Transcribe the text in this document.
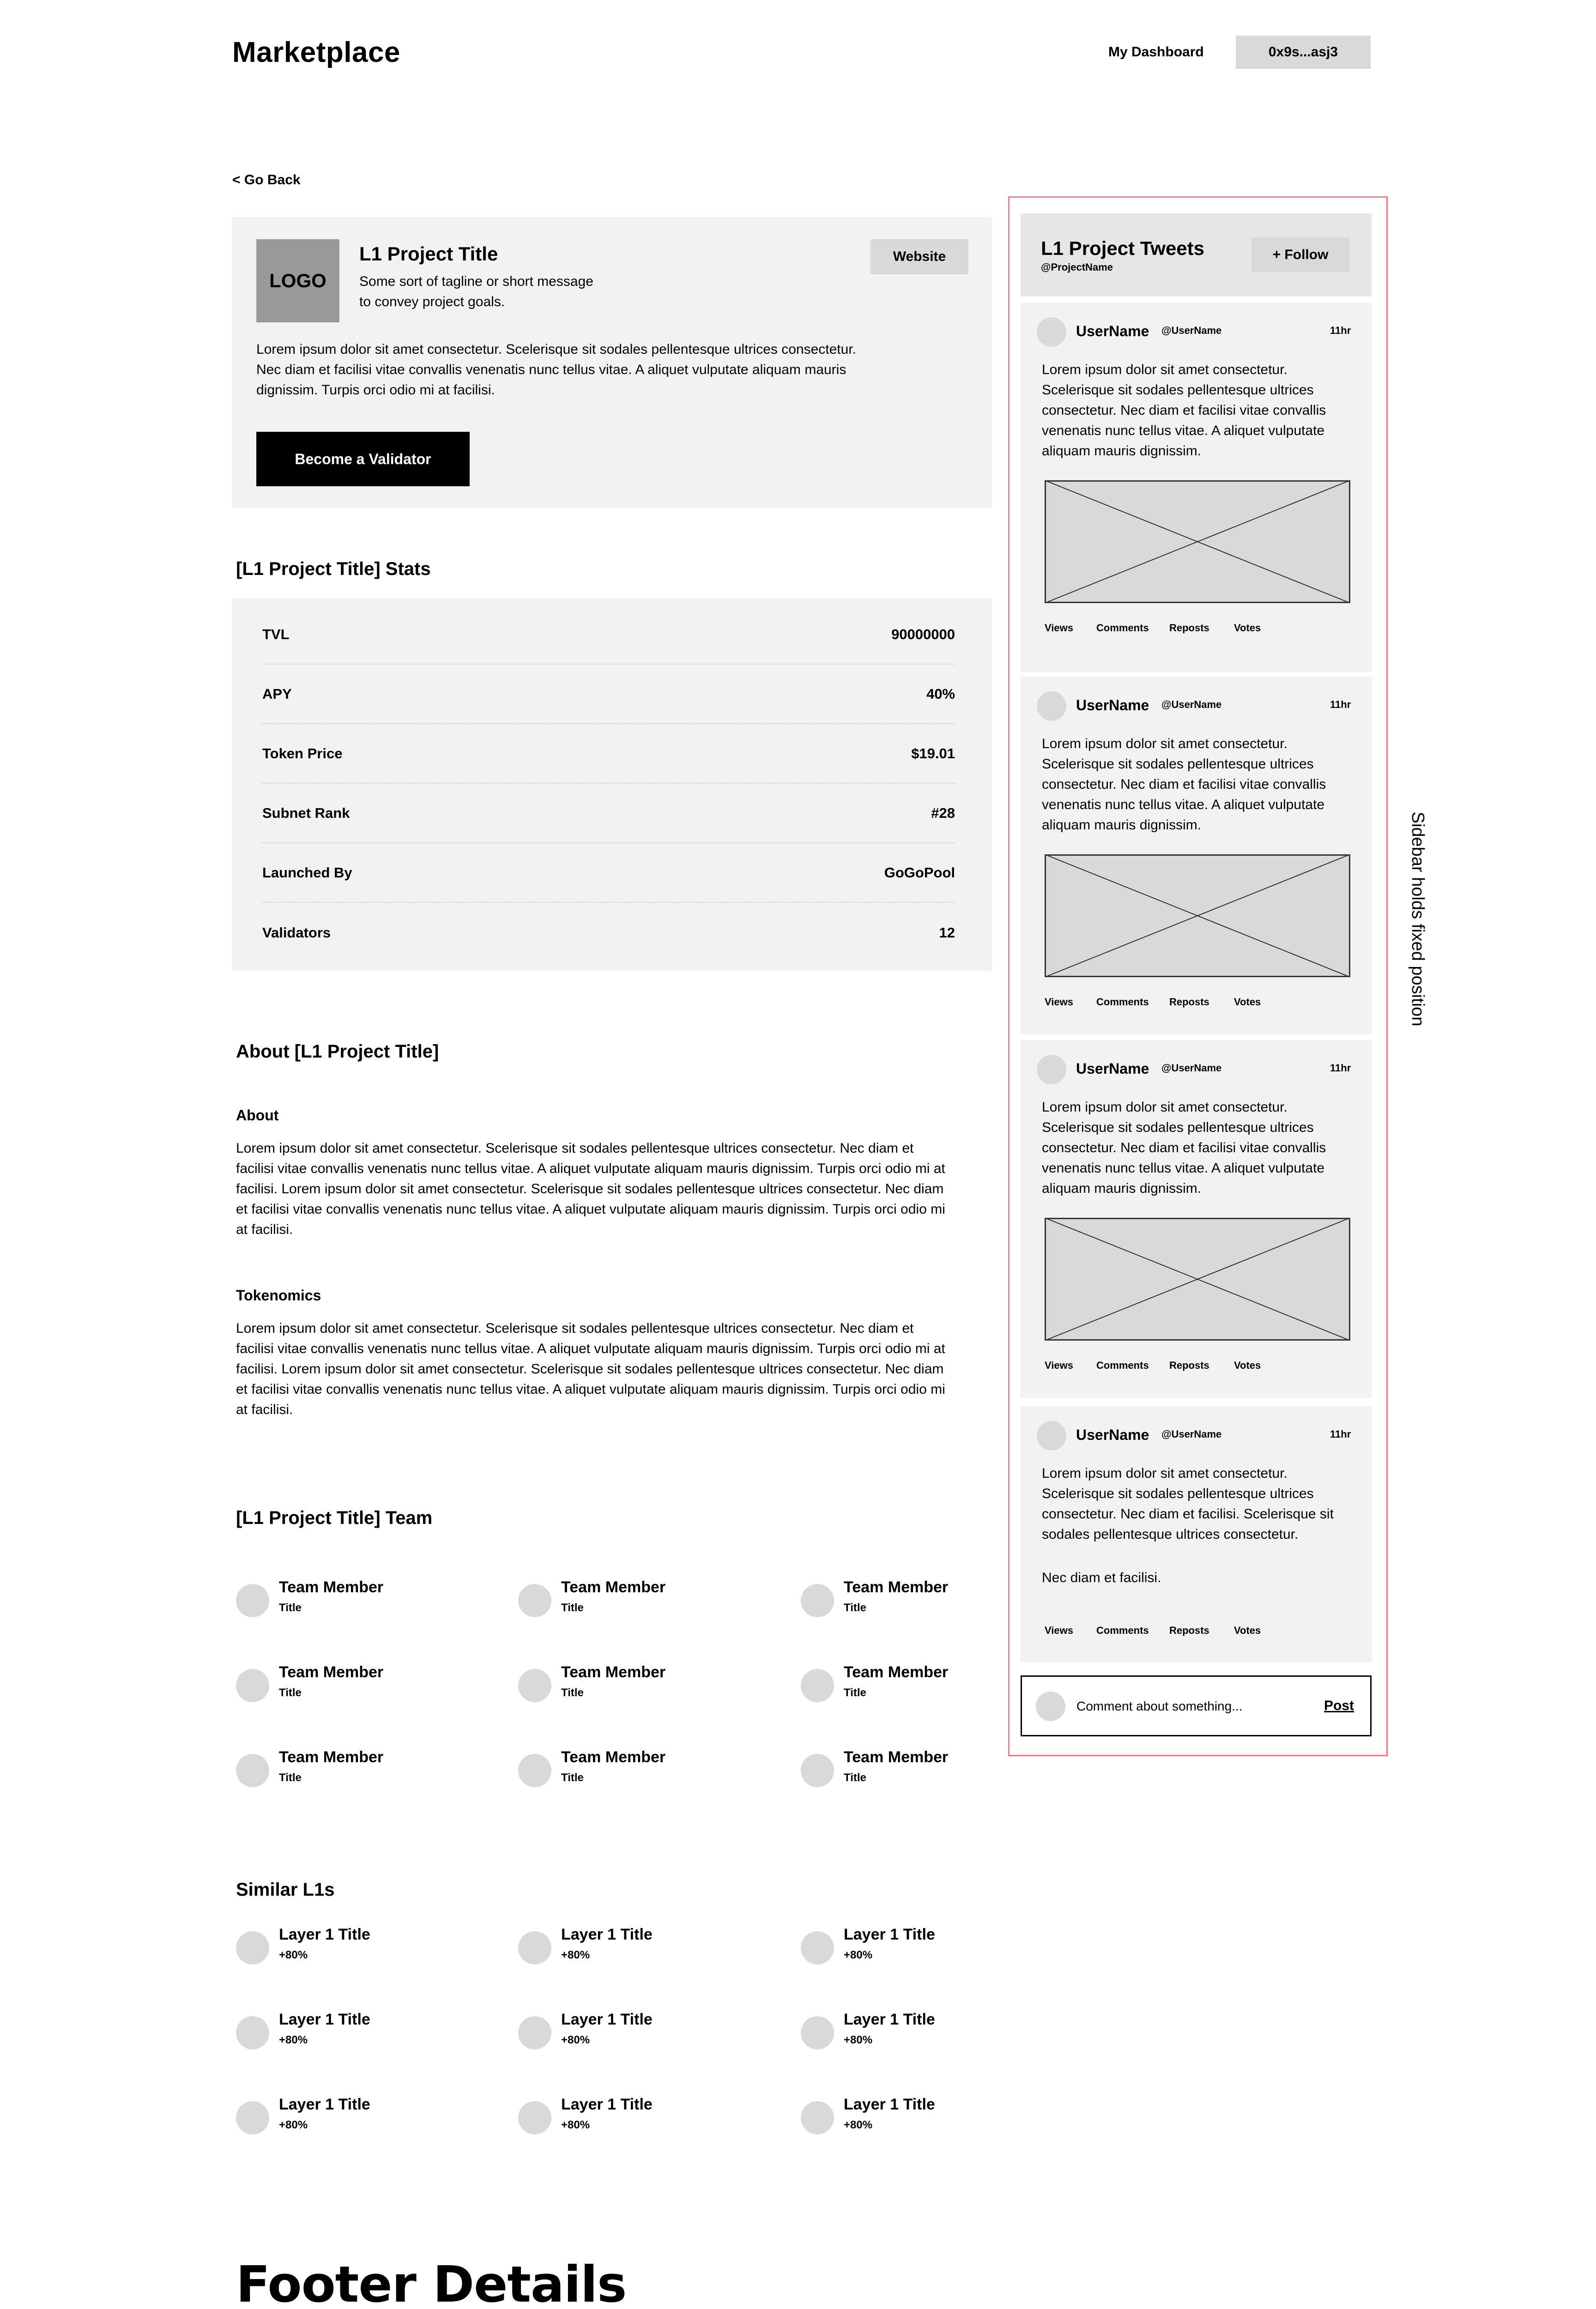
Marketplace	My Dashboard	0x9s...asj3
< Go Back
LOGO
L1 Project Title
Some sort of tagline or short message to convey project goals.
Website
Lorem ipsum dolor sit amet consectetur. Scelerisque sit sodales pellentesque ultrices consectetur. Nec diam et facilisi vitae convallis venenatis nunc tellus vitae. A aliquet vulputate aliquam mauris dignissim. Turpis orci odio mi at facilisi.
Become a Validator
[L1 Project Title] Stats
TVL	90000000
APY	40%
Token Price	$19.01
Subnet Rank	#28
Launched By	GoGoPool
Validators	12
About [L1 Project Title]
About
Lorem ipsum dolor sit amet consectetur. Scelerisque sit sodales pellentesque ultrices consectetur. Nec diam et facilisi vitae convallis venenatis nunc tellus vitae. A aliquet vulputate aliquam mauris dignissim. Turpis orci odio mi at facilisi. Lorem ipsum dolor sit amet consectetur. Scelerisque sit sodales pellentesque ultrices consectetur. Nec diam et facilisi vitae convallis venenatis nunc tellus vitae. A aliquet vulputate aliquam mauris dignissim. Turpis orci odio mi at facilisi.
Tokenomics
Lorem ipsum dolor sit amet consectetur. Scelerisque sit sodales pellentesque ultrices consectetur. Nec diam et facilisi vitae convallis venenatis nunc tellus vitae. A aliquet vulputate aliquam mauris dignissim. Turpis orci odio mi at facilisi. Lorem ipsum dolor sit amet consectetur. Scelerisque sit sodales pellentesque ultrices consectetur. Nec diam et facilisi vitae convallis venenatis nunc tellus vitae. A aliquet vulputate aliquam mauris dignissim. Turpis orci odio mi at facilisi.
[L1 Project Title] Team
Team Member
Title
Team Member
Title
Team Member
Title
Team Member
Title
Team Member
Title
Team Member
Title
Team Member
Title
Team Member
Title
Team Member
Title
Similar L1s
Layer 1 Title
+80%
Layer 1 Title
+80%
Layer 1 Title
+80%
Layer 1 Title
+80%
Layer 1 Title
+80%
Layer 1 Title
+80%
Layer 1 Title
+80%
Layer 1 Title
+80%
Layer 1 Title
+80%
Footer Details
Sidebar holds fixed position
L1 Project Tweets
@ProjectName
+ Follow
UserName @UserName	11hr
Lorem ipsum dolor sit amet consectetur. Scelerisque sit sodales pellentesque ultrices consectetur. Nec diam et facilisi vitae convallis venenatis nunc tellus vitae. A aliquet vulputate aliquam mauris dignissim.
Views Comments Reposts Votes
UserName @UserName	11hr
Lorem ipsum dolor sit amet consectetur. Scelerisque sit sodales pellentesque ultrices consectetur. Nec diam et facilisi vitae convallis venenatis nunc tellus vitae. A aliquet vulputate aliquam mauris dignissim.
Views Comments Reposts Votes
UserName @UserName	11hr
Lorem ipsum dolor sit amet consectetur. Scelerisque sit sodales pellentesque ultrices consectetur. Nec diam et facilisi vitae convallis venenatis nunc tellus vitae. A aliquet vulputate aliquam mauris dignissim.
Views Comments Reposts Votes
UserName @UserName	11hr
Lorem ipsum dolor sit amet consectetur. Scelerisque sit sodales pellentesque ultrices consectetur. Nec diam et facilisi. Scelerisque sit sodales pellentesque ultrices consectetur.
Nec diam et facilisi.
Views Comments Reposts Votes
Comment about something...	Post
